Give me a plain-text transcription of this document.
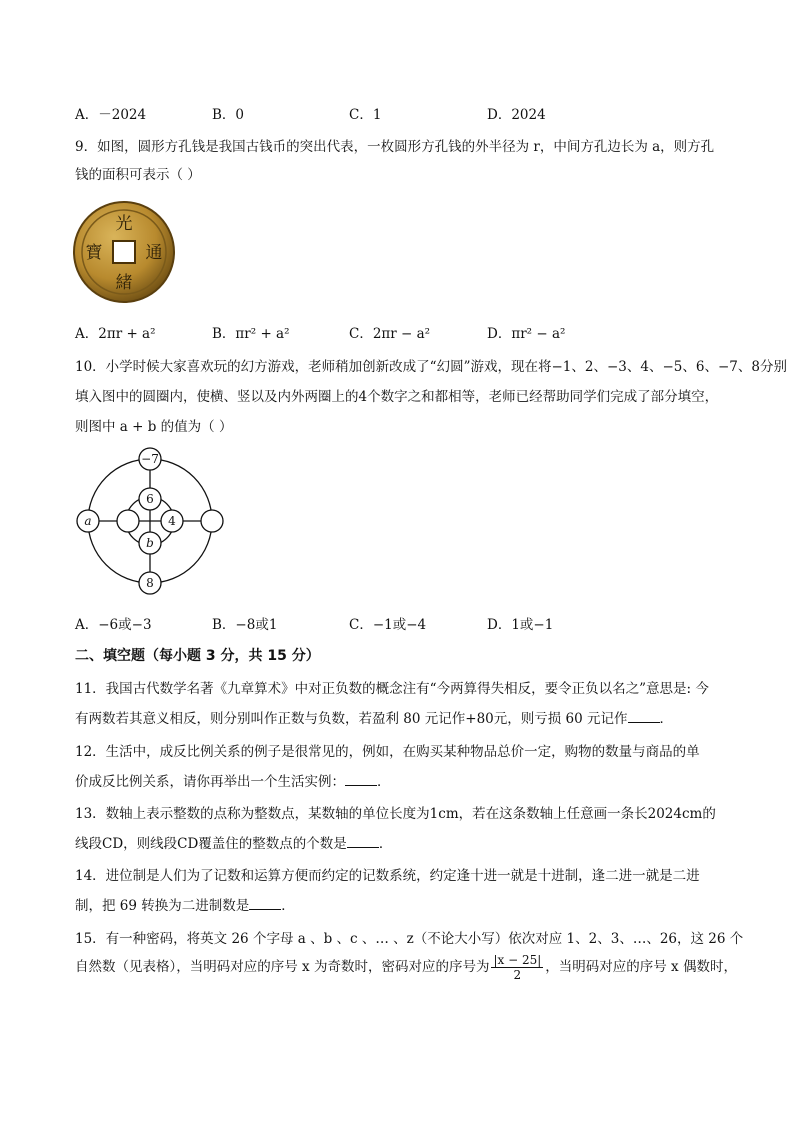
A．－2024	B．0	C．1	D．2024
9．如图，圆形方孔钱是我国古钱币的突出代表，一枚圆形方孔钱的外半径为 r，中间方孔边长为 a，则方孔
钱的面积可表示（ ）
光
緒
寶	通
A．2πr + a²	B．πr² + a²	C．2πr − a²	D．πr² − a²
10．小学时候大家喜欢玩的幻方游戏，老师稍加创新改成了“幻圆”游戏，现在将−1、2、−3、4、−5、6、−7、8分别
填入图中的圆圈内，使横、竖以及内外两圈上的4个数字之和都相等，老师已经帮助同学们完成了部分填空，
则图中 a + b 的值为（ ）
−7
6
a	4
b
8
A．−6或−3	B．−8或1	C．−1或−4	D．1或−1
二、填空题（每小题 3 分，共 15 分）
11．我国古代数学名著《九章算术》中对正负数的概念注有“今两算得失相反，要令正负以名之”意思是: 今
有两数若其意义相反，则分别叫作正数与负数，若盈利 80 元记作+80元，则亏损 60 元记作 ．
12．生活中，成反比例关系的例子是很常见的，例如，在购买某种物品总价一定，购物的数量与商品的单
价成反比例关系，请你再举出一个生活实例： ．
13．数轴上表示整数的点称为整数点，某数轴的单位长度为1cm，若在这条数轴上任意画一条长2024cm的
线段CD，则线段CD覆盖住的整数点的个数是 ．
14．进位制是人们为了记数和运算方便而约定的记数系统，约定逢十进一就是十进制，逢二进一就是二进
制，把 69 转换为二进制数是 ．
15．有一种密码，将英文 26 个字母 a 、b 、c 、… 、z（不论大小写）依次对应 1、2、3、…、26，这 26 个
自然数（见表格），当明码对应的序号 x 为奇数时，密码对应的序号为 $\frac{|x - 25|}{2}$ ，当明码对应的序号 x 偶数时，
